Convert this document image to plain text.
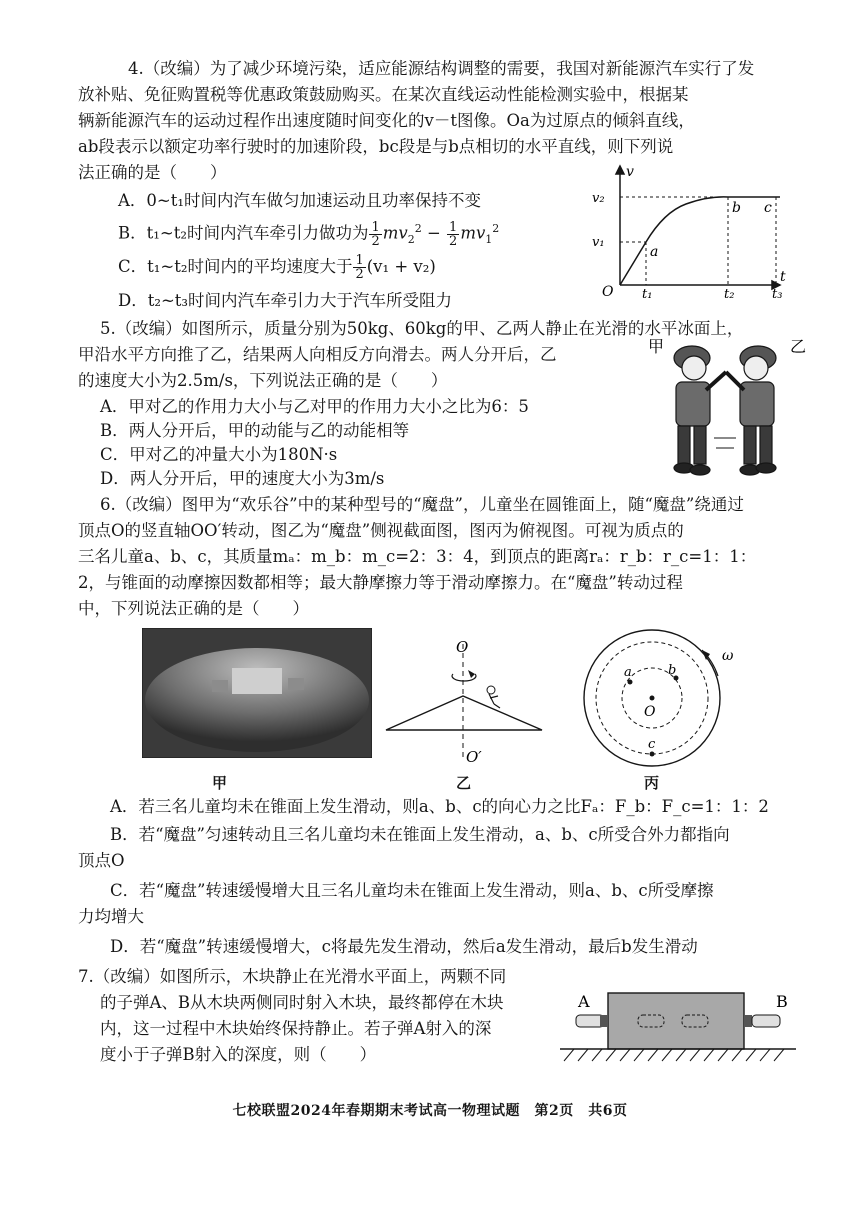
4.（改编）为了减少环境污染，适应能源结构调整的需要，我国对新能源汽车实行了发
放补贴、免征购置税等优惠政策鼓励购买。在某次直线运动性能检测实验中，根据某
辆新能源汽车的运动过程作出速度随时间变化的v－t图像。Oa为过原点的倾斜直线，
ab段表示以额定功率行驶时的加速阶段，bc段是与b点相切的水平直线，则下列说
法正确的是（　　）
A．0~t₁时间内汽车做匀加速运动且功率保持不变
B．t₁~t₂时间内汽车牵引力做功为 $\frac{1}{2} mv_2^2 - \frac{1}{2} mv_1^2$
C．t₁~t₂时间内的平均速度大于 $\frac{1}{2} (v_1 + v_2)$
D．t₂~t₃时间内汽车牵引力大于汽车所受阻力
v
t
v₂
v₁
O t₁	t₂	t₃
a
b c
5.（改编）如图所示，质量分别为50kg、60kg的甲、乙两人静止在光滑的水平冰面上，
甲沿水平方向推了乙，结果两人向相反方向滑去。两人分开后，乙
的速度大小为2.5m/s，下列说法正确的是（　　）
A．甲对乙的作用力大小与乙对甲的作用力大小之比为6：5
B．两人分开后，甲的动能与乙的动能相等
C．甲对乙的冲量大小为180N·s
D．两人分开后，甲的速度大小为3m/s
甲	乙
6.（改编）图甲为“欢乐谷”中的某种型号的“魔盘”，儿童坐在圆锥面上，随“魔盘”绕通过
顶点O的竖直轴OO′转动，图乙为“魔盘”侧视截面图，图丙为俯视图。可视为质点的
三名儿童a、b、c，其质量mₐ：m_b：m_c=2：3：4，到顶点的距离rₐ：r_b：r_c=1：1：
2，与锥面的动摩擦因数都相等；最大静摩擦力等于滑动摩擦力。在“魔盘”转动过程
中，下列说法正确的是（　　）
O
O′
O
a	b
c
ω
甲	乙	丙
A．若三名儿童均未在锥面上发生滑动，则a、b、c的向心力之比Fₐ：F_b：F_c=1：1：2
B．若“魔盘”匀速转动且三名儿童均未在锥面上发生滑动，a、b、c所受合外力都指向
顶点O
C．若“魔盘”转速缓慢增大且三名儿童均未在锥面上发生滑动，则a、b、c所受摩擦
力均增大
D．若“魔盘”转速缓慢增大，c将最先发生滑动，然后a发生滑动，最后b发生滑动
7.（改编）如图所示，木块静止在光滑水平面上，两颗不同
的子弹A、B从木块两侧同时射入木块，最终都停在木块
内，这一过程中木块始终保持静止。若子弹A射入的深
度小于子弹B射入的深度，则（　　）
A	B
七校联盟2024年春期期末考试高一物理试题　第2页　共6页
